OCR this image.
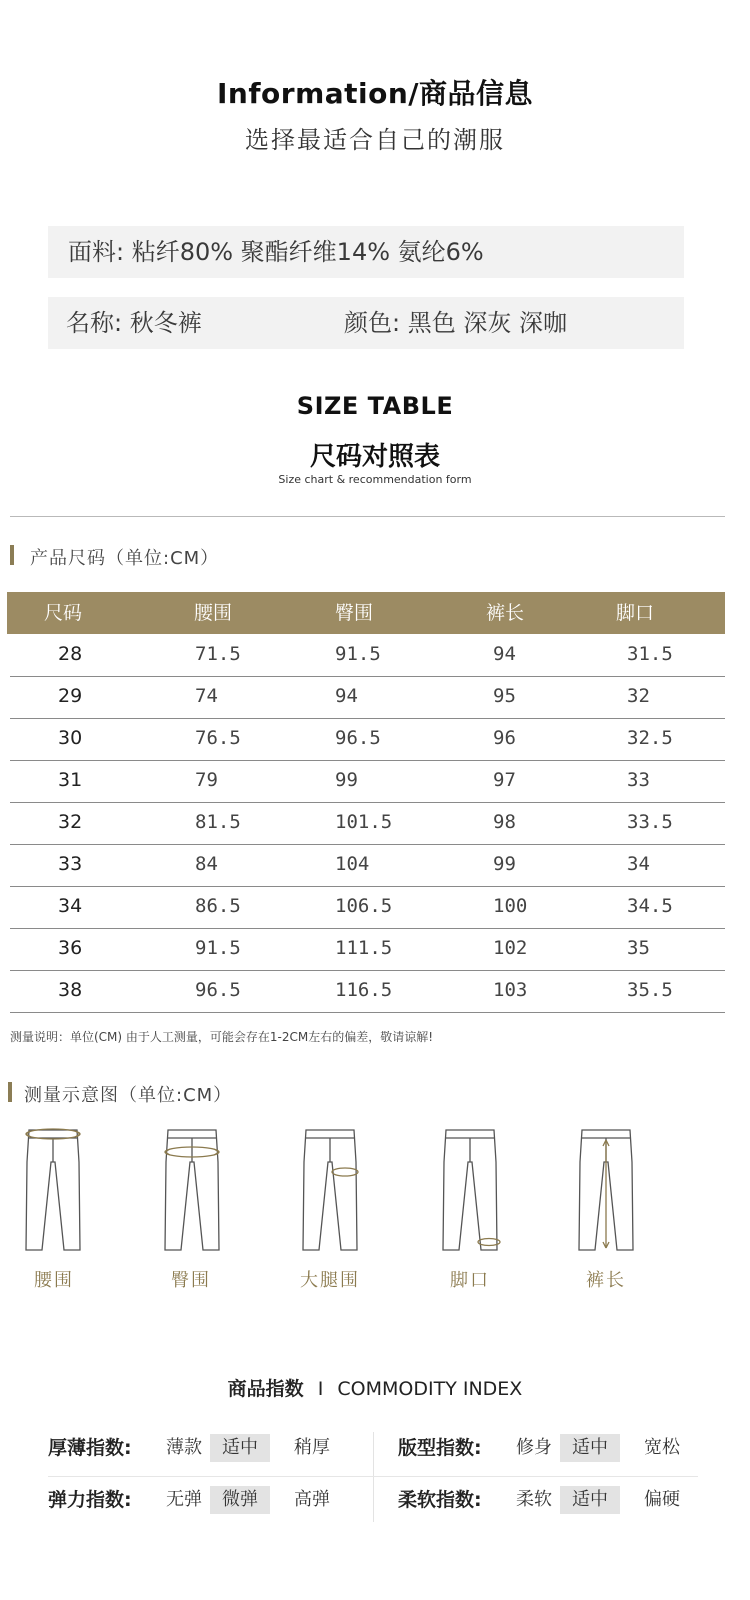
Information/商品信息
选择最适合自己的潮服
面料: 粘纤80% 聚酯纤维14% 氨纶6%
名称: 秋冬裤	颜色: 黑色 深灰 深咖
SIZE TABLE
尺码对照表
Size chart & recommendation form
产品尺码（单位:CM）
尺码	腰围	臀围	裤长	脚口
28	71.5	91.5	94	31.5
29	74	94	95	32
30	76.5	96.5	96	32.5
31	79	99	97	33
32	81.5	101.5	98	33.5
33	84	104	99	34
34	86.5	106.5	100	34.5
36	91.5	111.5	102	35
38	96.5	116.5	103	35.5
测量说明：单位(CM) 由于人工测量，可能会存在1-2CM左右的偏差，敬请谅解!
测量示意图（单位:CM）
腰围	臀围	大腿围	脚口	裤长
商品指数 I COMMODITY INDEX
厚薄指数:	薄款	适中	稍厚	版型指数:	修身	适中	宽松
弹力指数:	无弹	微弹	高弹	柔软指数:	柔软	适中	偏硬
